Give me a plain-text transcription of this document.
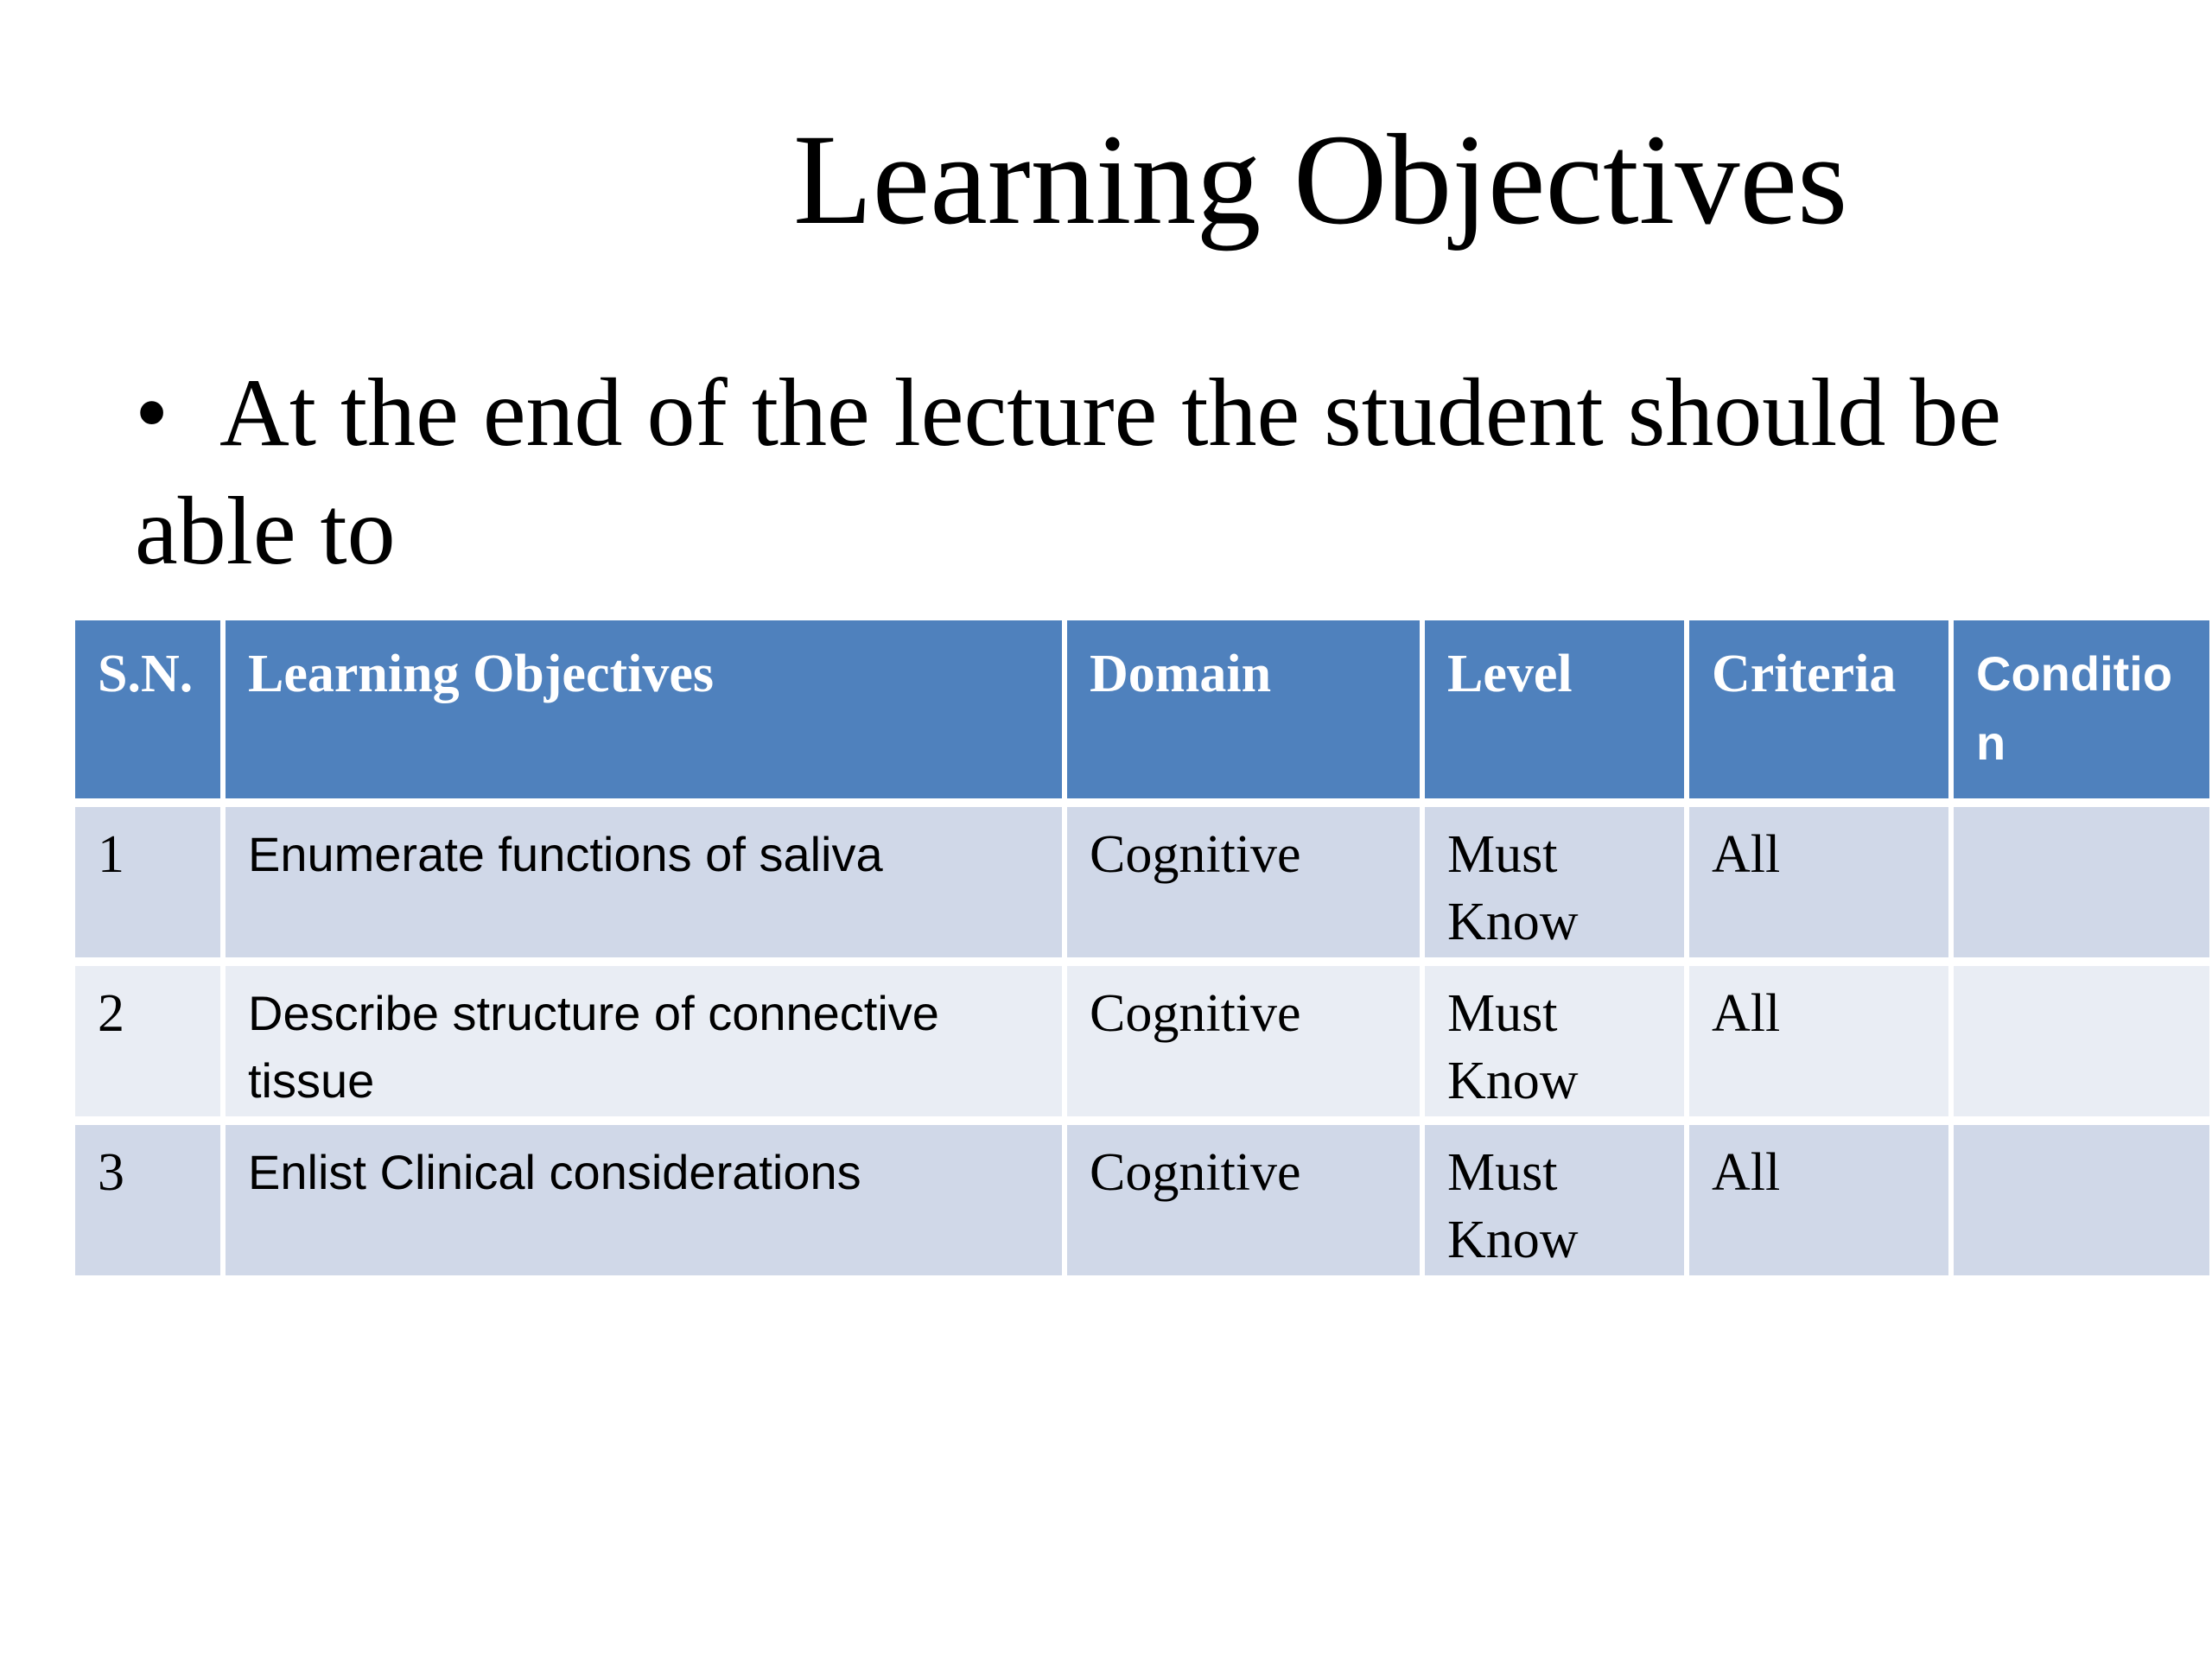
Learning Objectives
• At the end of the lecture the student should be able to
S.N.	Learning Objectives	Domain	Level	Criteria	Condition
1	Enumerate functions of saliva	Cognitive	Must Know	All	
2	Describe structure of connective tissue	Cognitive	Must Know	All	
3	Enlist Clinical considerations	Cognitive	Must Know	All	
